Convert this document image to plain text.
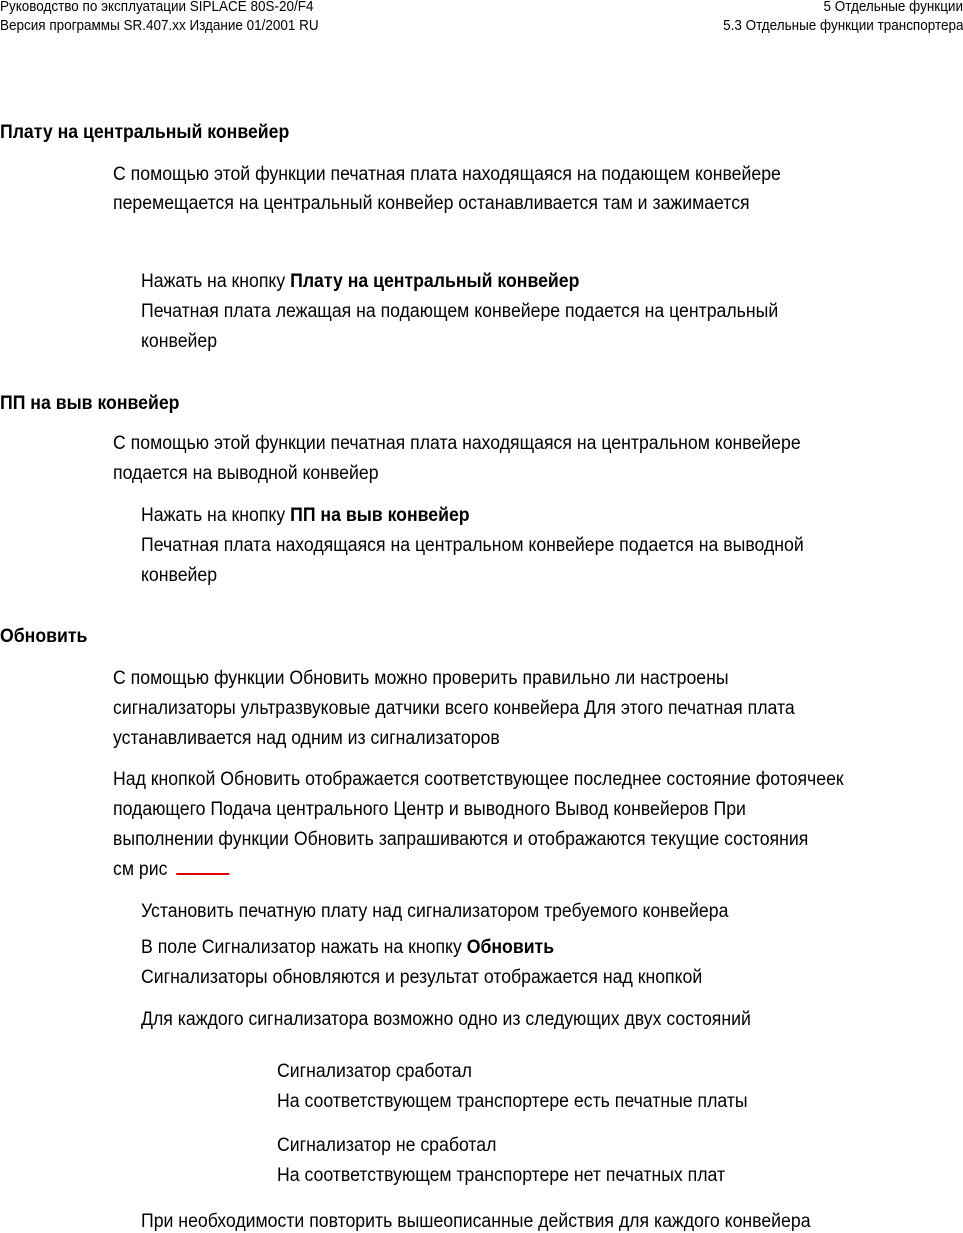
Руководство по эксплуатации SIPLACE 80S-20/F4
Версия программы SR.407.xx Издание 01/2001 RU
5 Отдельные функции
5.3 Отдельные функции транспортера
Плату на центральный конвейер
С помощью этой функции печатная плата находящаяся на подающем конвейере
перемещается на центральный конвейер останавливается там и зажимается
Нажать на кнопку Плату на центральный конвейер
Печатная плата лежащая на подающем конвейере подается на центральный
конвейер
ПП на выв конвейер
С помощью этой функции печатная плата находящаяся на центральном конвейере
подается на выводной конвейер
Нажать на кнопку ПП на выв конвейер
Печатная плата находящаяся на центральном конвейере подается на выводной
конвейер
Обновить
С помощью функции Обновить можно проверить правильно ли настроены
сигнализаторы ультразвуковые датчики всего конвейера Для этого печатная плата
устанавливается над одним из сигнализаторов
Над кнопкой Обновить отображается соответствующее последнее состояние фотоячеек
подающего Подача центрального Центр и выводного Вывод конвейеров При
выполнении функции Обновить запрашиваются и отображаются текущие состояния
см рис
Установить печатную плату над сигнализатором требуемого конвейера
В поле Сигнализатор нажать на кнопку Обновить
Сигнализаторы обновляются и результат отображается над кнопкой
Для каждого сигнализатора возможно одно из следующих двух состояний
Сигнализатор сработал
На соответствующем транспортере есть печатные платы
Сигнализатор не сработал
На соответствующем транспортере нет печатных плат
При необходимости повторить вышеописанные действия для каждого конвейера
